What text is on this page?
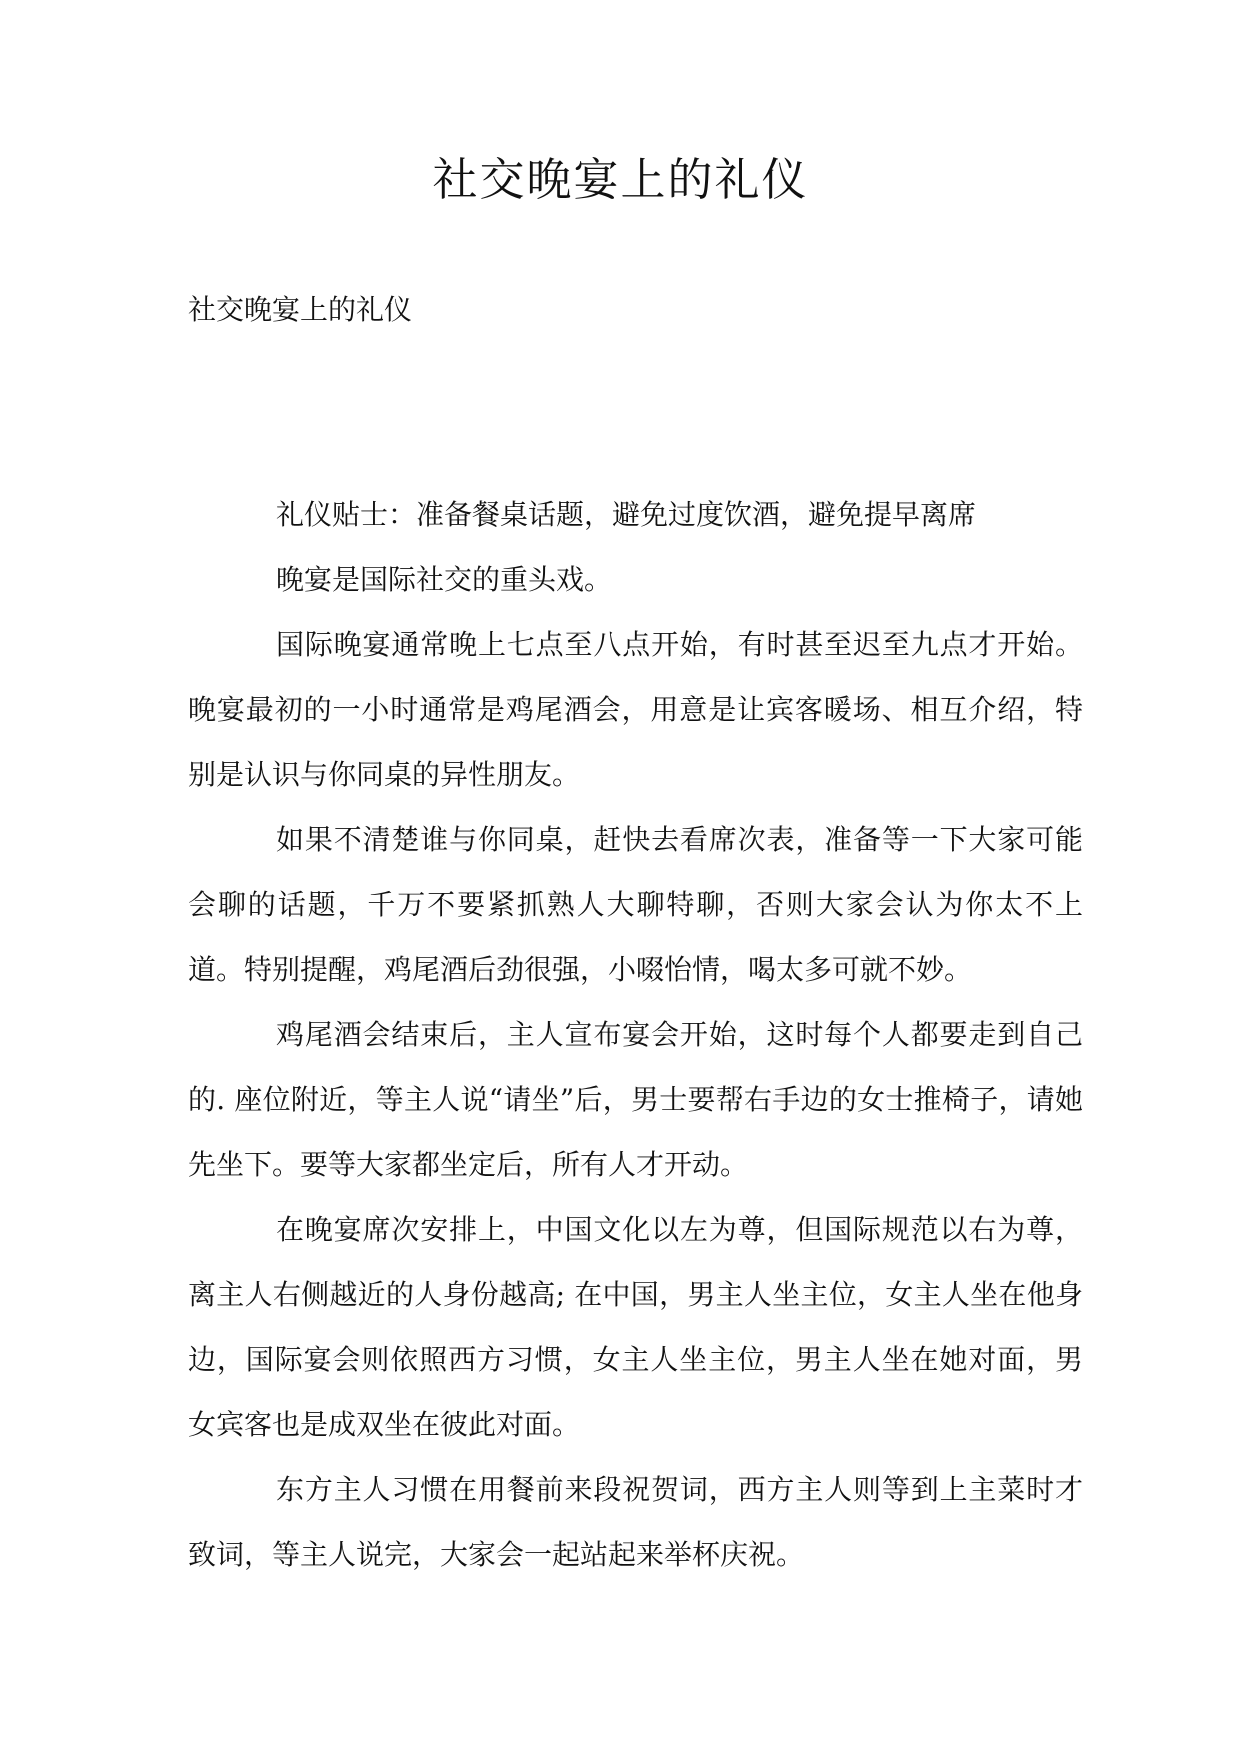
社交晚宴上的礼仪
社交晚宴上的礼仪

礼仪贴士：准备餐桌话题，避免过度饮酒，避免提早离席

晚宴是国际社交的重头戏。

国际晚宴通常晚上七点至八点开始，有时甚至迟至九点才开始。晚宴最初的一小时通常是鸡尾酒会，用意是让宾客暖场、相互介绍，特别是认识与你同桌的异性朋友。

如果不清楚谁与你同桌，赶快去看席次表，准备等一下大家可能会聊的话题，千万不要紧抓熟人大聊特聊，否则大家会认为你太不上道。特别提醒，鸡尾酒后劲很强，小啜怡情，喝太多可就不妙。

鸡尾酒会结束后，主人宣布宴会开始，这时每个人都要走到自己的. 座位附近，等主人说“请坐”后，男士要帮右手边的女士推椅子，请她先坐下。要等大家都坐定后，所有人才开动。

在晚宴席次安排上，中国文化以左为尊，但国际规范以右为尊，离主人右侧越近的人身份越高; 在中国，男主人坐主位，女主人坐在他身边，国际宴会则依照西方习惯，女主人坐主位，男主人坐在她对面，男女宾客也是成双坐在彼此对面。

东方主人习惯在用餐前来段祝贺词，西方主人则等到上主菜时才致词，等主人说完，大家会一起站起来举杯庆祝。
